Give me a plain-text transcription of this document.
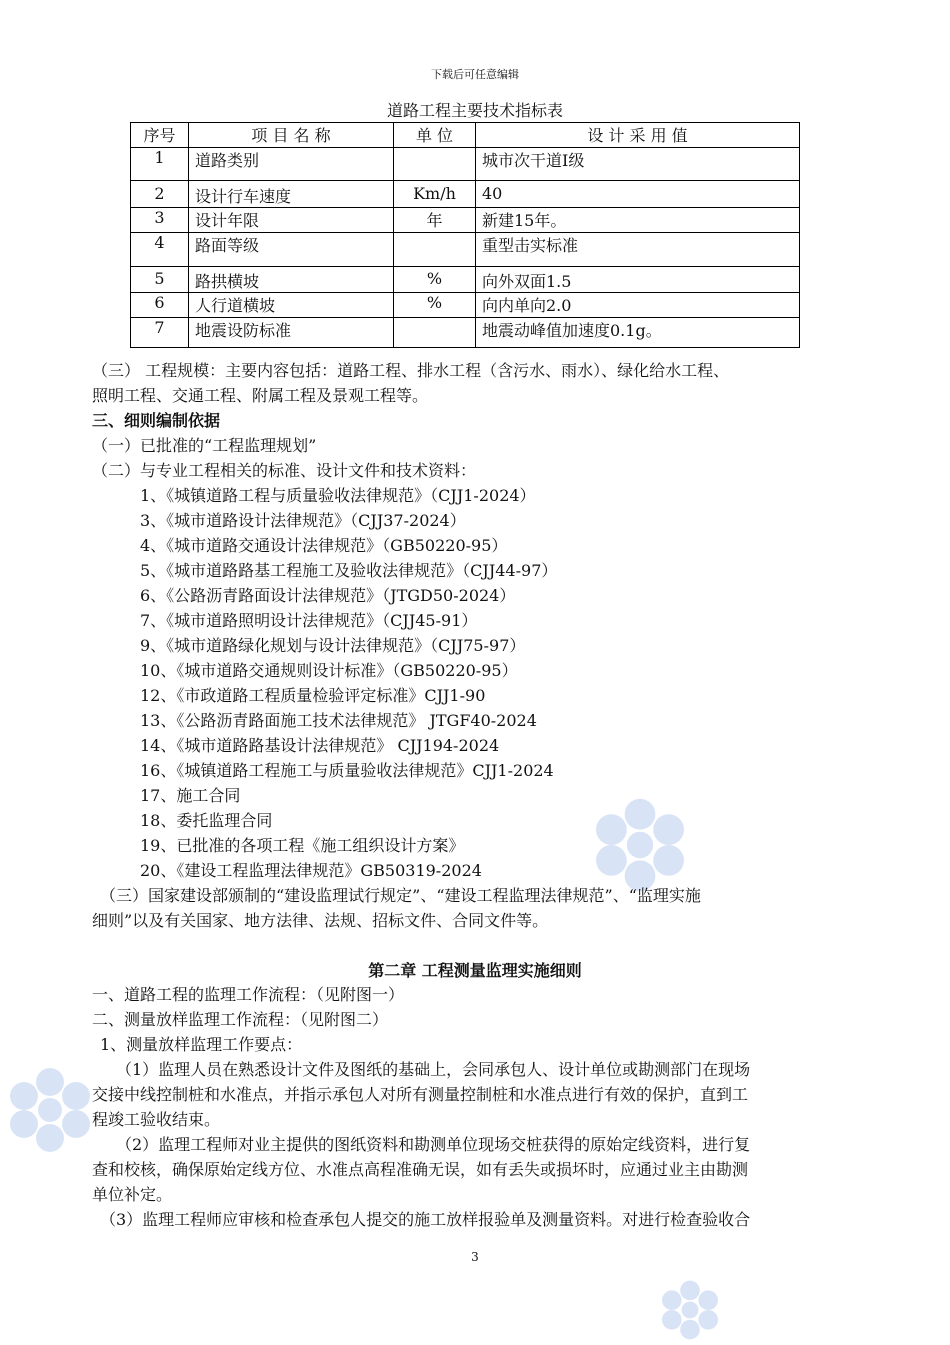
下载后可任意编辑
道路工程主要技术指标表
序号	项 目 名 称	单 位	设 计 采 用 值
1	道路类别		城市次干道Ⅰ级
2	设计行车速度	Km/h	40
3	设计年限	年	新建15年。
4	路面等级		重型击实标准
5	路拱横坡	%	向外双面1.5
6	人行道横坡	%	向内单向2.0
7	地震设防标准		地震动峰值加速度0.1g。
（三） 工程规模：主要内容包括：道路工程、排水工程（含污水、雨水）、绿化给水工程、
照明工程、交通工程、附属工程及景观工程等。
三、细则编制依据
（一）已批准的“工程监理规划”
（二）与专业工程相关的标准、设计文件和技术资料：
1、《城镇道路工程与质量验收法律规范》（CJJ1-2024）
3、《城市道路设计法律规范》（CJJ37-2024）
4、《城市道路交通设计法律规范》（GB50220-95）
5、《城市道路路基工程施工及验收法律规范》（CJJ44-97）
6、《公路沥青路面设计法律规范》（JTGD50-2024）
7、《城市道路照明设计法律规范》（CJJ45-91）
9、《城市道路绿化规划与设计法律规范》（CJJ75-97）
10、《城市道路交通规则设计标准》（GB50220-95）
12、《市政道路工程质量检验评定标准》CJJ1-90
13、《公路沥青路面施工技术法律规范》 JTGF40-2024
14、《城市道路路基设计法律规范》 CJJ194-2024
16、《城镇道路工程施工与质量验收法律规范》CJJ1-2024
17、施工合同
18、委托监理合同
19、已批准的各项工程《施工组织设计方案》
20、《建设工程监理法律规范》GB50319-2024
（三）国家建设部颁制的“建设监理试行规定”、“建设工程监理法律规范”、“监理实施
细则”以及有关国家、地方法律、法规、招标文件、合同文件等。
第二章 工程测量监理实施细则
一、道路工程的监理工作流程：（见附图一）
二、测量放样监理工作流程：（见附图二）
1、测量放样监理工作要点：
（1）监理人员在熟悉设计文件及图纸的基础上，会同承包人、设计单位或勘测部门在现场
交接中线控制桩和水准点，并指示承包人对所有测量控制桩和水准点进行有效的保护，直到工
程竣工验收结束。
（2）监理工程师对业主提供的图纸资料和勘测单位现场交桩获得的原始定线资料，进行复
查和校核，确保原始定线方位、水准点高程准确无误，如有丢失或损坏时，应通过业主由勘测
单位补定。
（3）监理工程师应审核和检查承包人提交的施工放样报验单及测量资料。对进行检查验收合
3
